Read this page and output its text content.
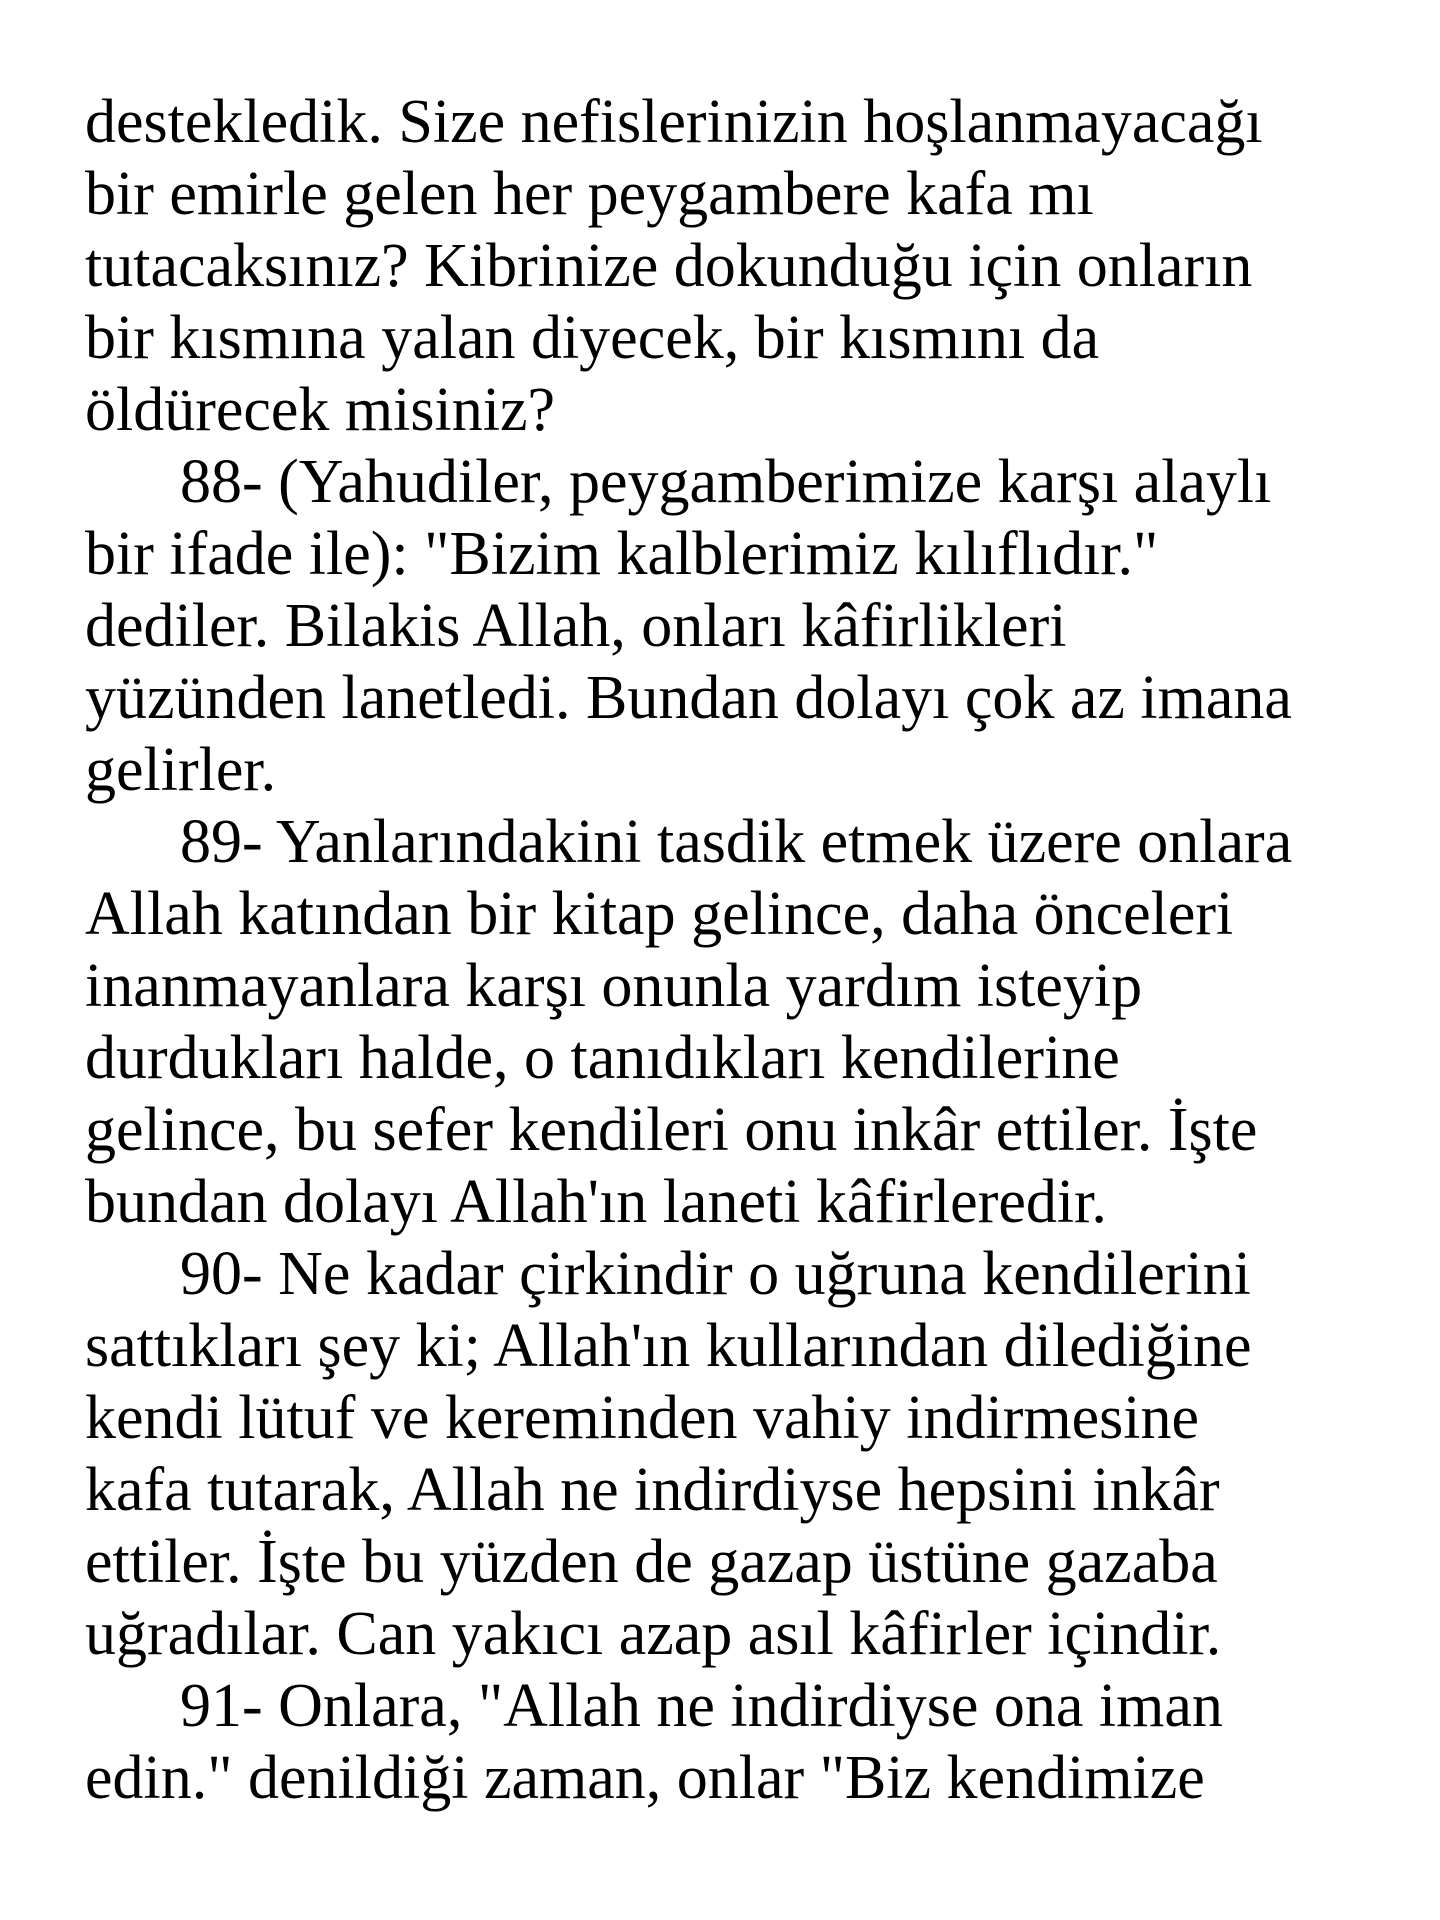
destekledik. Size nefislerinizin hoşlanmayacağı
bir emirle gelen her peygambere kafa mı
tutacaksınız? Kibrinize dokunduğu için onların
bir kısmına yalan diyecek, bir kısmını da
öldürecek misiniz?
88- (Yahudiler, peygamberimize karşı alaylı
bir ifade ile): "Bizim kalblerimiz kılıflıdır."
dediler. Bilakis Allah, onları kâfirlikleri
yüzünden lanetledi. Bundan dolayı çok az imana
gelirler.
89- Yanlarındakini tasdik etmek üzere onlara
Allah katından bir kitap gelince, daha önceleri
inanmayanlara karşı onunla yardım isteyip
durdukları halde, o tanıdıkları kendilerine
gelince, bu sefer kendileri onu inkâr ettiler. İşte
bundan dolayı Allah'ın laneti kâfirleredir.
90- Ne kadar çirkindir o uğruna kendilerini
sattıkları şey ki; Allah'ın kullarından dilediğine
kendi lütuf ve kereminden vahiy indirmesine
kafa tutarak, Allah ne indirdiyse hepsini inkâr
ettiler. İşte bu yüzden de gazap üstüne gazaba
uğradılar. Can yakıcı azap asıl kâfirler içindir.
91- Onlara, "Allah ne indirdiyse ona iman
edin." denildiği zaman, onlar "Biz kendimize
